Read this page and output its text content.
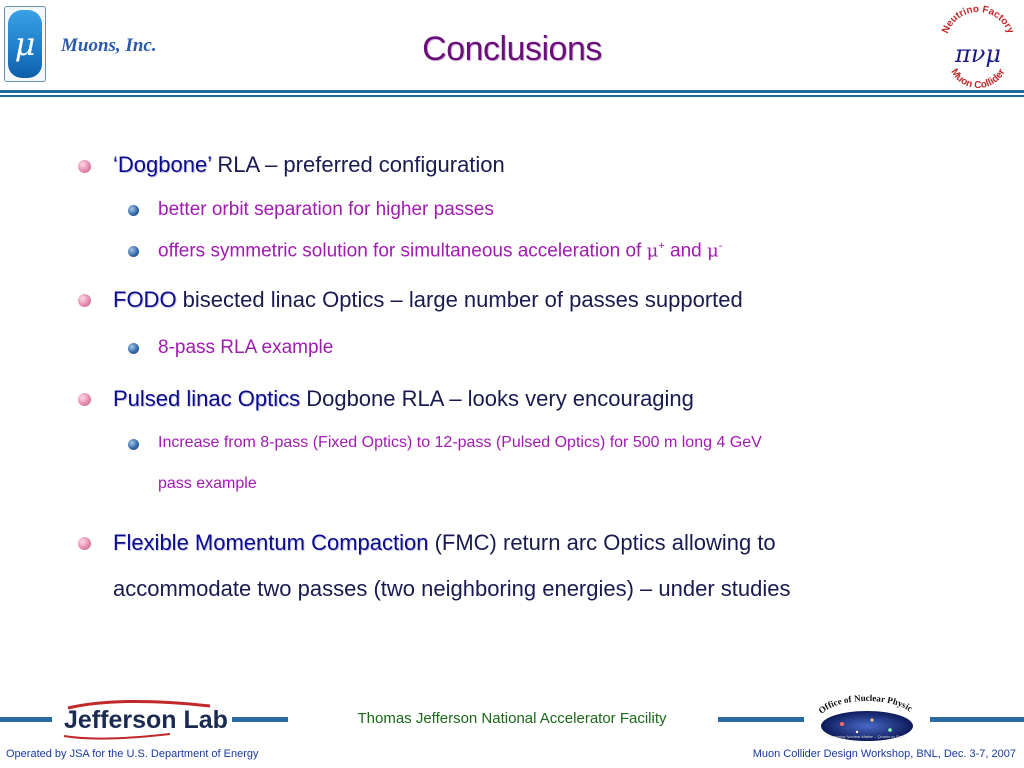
μ	Muons, Inc.	Conclusions
Neutrino Factory
Muon Collider
πνμ
‘Dogbone’ RLA – preferred configuration
better orbit separation for higher passes
offers symmetric solution for simultaneous acceleration of μ+ and μ-
FODO bisected linac Optics – large number of passes supported
8-pass RLA example
Pulsed linac Optics Dogbone RLA – looks very encouraging
Increase from 8-pass (Fixed Optics) to 12-pass (Pulsed Optics) for 500 m long 4 GeV
pass example
Flexible Momentum Compaction (FMC) return arc Optics allowing to
accommodate two passes (two neighboring energies) – under studies
Jefferson Lab	Thomas Jefferson National Accelerator Facility
Office of Nuclear Physic
Exploring Nuclear Matter – Quarks to Stars
Operated by JSA for the U.S. Department of Energy	Muon Collider Design Workshop, BNL, Dec. 3-7, 2007
